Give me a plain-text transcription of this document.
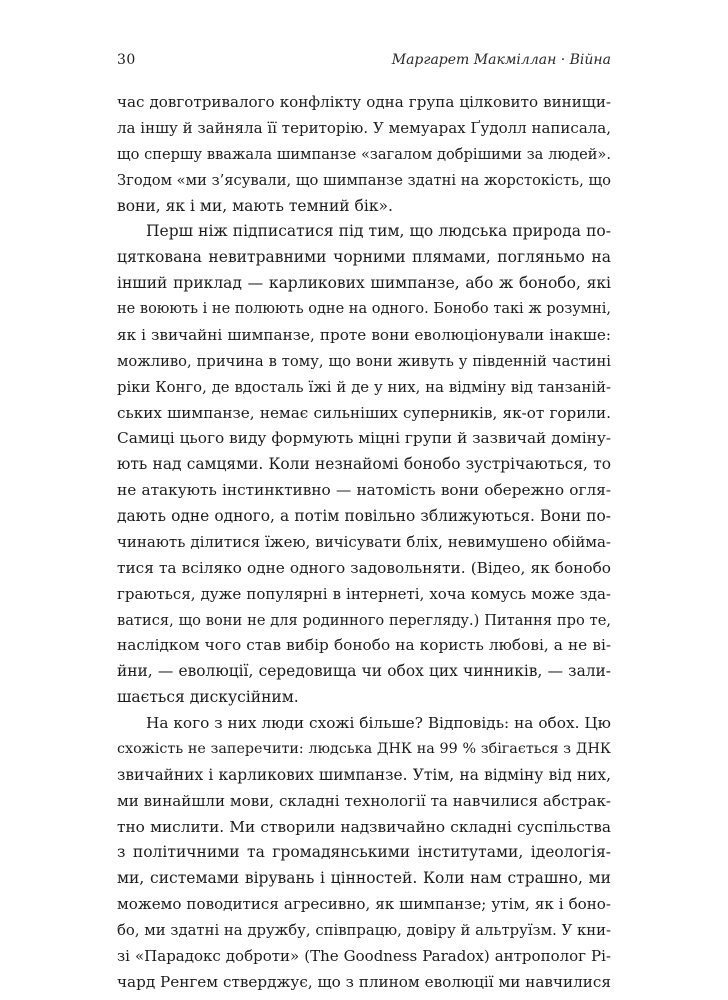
30	Маргарет Макміллан · Війна
час довготривалого конфлікту одна група цілковито винищи-
ла іншу й зайняла її територію. У мемуарах Ґудолл написала,
що спершу вважала шимпанзе «загалом добрішими за людей».
Згодом «ми з’ясували, що шимпанзе здатні на жорстокість, що
вони, як і ми, мають темний бік».
Перш ніж підписатися під тим, що людська природа по-
цяткована невитравними чорними плямами, погляньмо на
інший приклад — карликових шимпанзе, або ж бонобо, які
не воюють і не полюють одне на одного. Бонобо такі ж розумні,
як і звичайні шимпанзе, проте вони еволюціонували інакше:
можливо, причина в тому, що вони живуть у південній частині
ріки Конго, де вдосталь їжі й де у них, на відміну від танзаній-
ських шимпанзе, немає сильніших суперників, як-от горили.
Самиці цього виду формують міцні групи й зазвичай доміну-
ють над самцями. Коли незнайомі бонобо зустрічаються, то
не атакують інстинктивно — натомість вони обережно огля-
дають одне одного, а потім повільно зближуються. Вони по-
чинають ділитися їжею, вичісувати бліх, невимушено обійма-
тися та всіляко одне одного задовольняти. (Відео, як бонобо
граються, дуже популярні в інтернеті, хоча комусь може зда-
ватися, що вони не для родинного перегляду.) Питання про те,
наслідком чого став вибір бонобо на користь любові, а не ві-
йни, — еволюції, середовища чи обох цих чинників, — зали-
шається дискусійним.
На кого з них люди схожі більше? Відповідь: на обох. Цю
схожість не заперечити: людська ДНК на 99 % збігається з ДНК
звичайних і карликових шимпанзе. Утім, на відміну від них,
ми винайшли мови, складні технології та навчилися абстрак-
тно мислити. Ми створили надзвичайно складні суспільства
з політичними та громадянськими інститутами, ідеологія-
ми, системами вірувань і цінностей. Коли нам страшно, ми
можемо поводитися агресивно, як шимпанзе; утім, як і боно-
бо, ми здатні на дружбу, співпрацю, довіру й альтруїзм. У кни-
зі «Парадокс доброти» (The Goodness Paradox) антрополог Рі-
чард Ренгем стверджує, що з плином еволюції ми навчилися
